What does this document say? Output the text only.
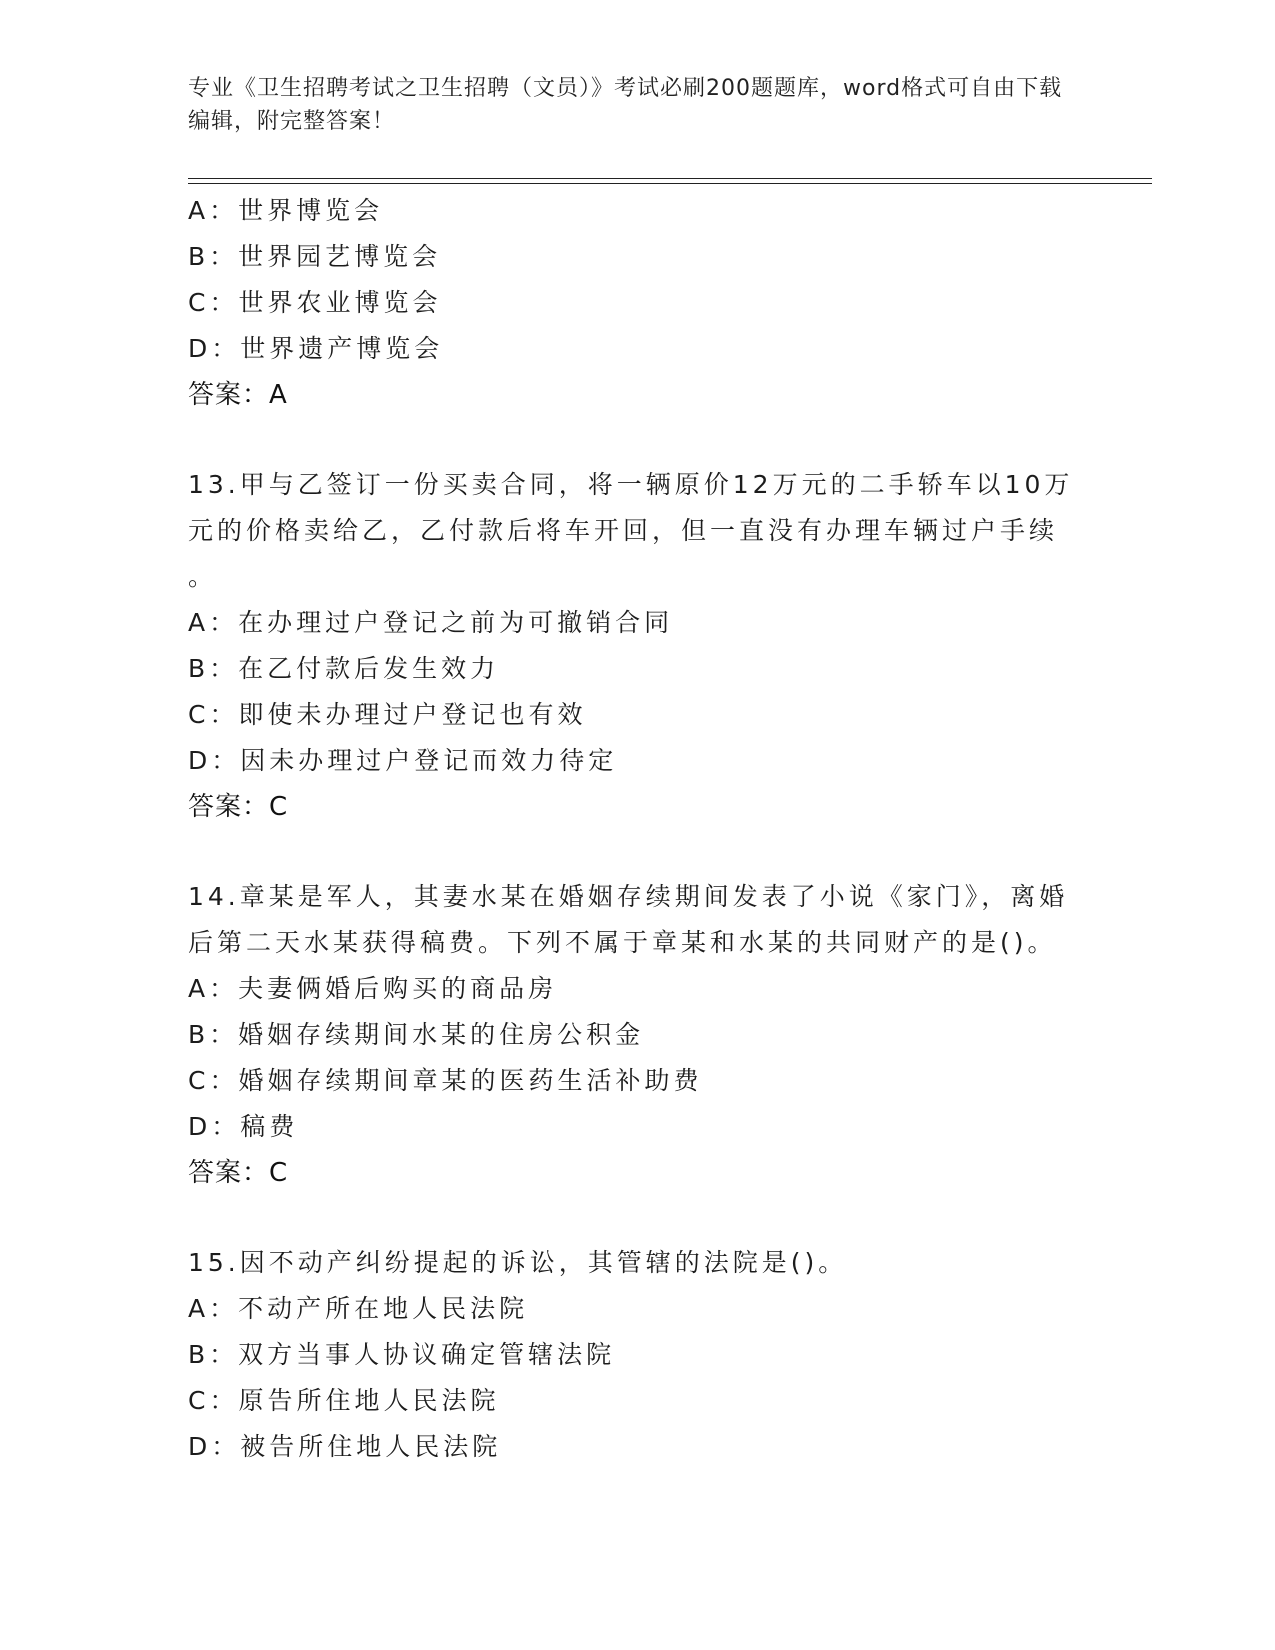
专业《卫生招聘考试之卫生招聘（文员）》考试必刷200题题库，word格式可自由下载编辑，附完整答案！
A：世界博览会
B：世界园艺博览会
C：世界农业博览会
D：世界遗产博览会
答案：A
13.甲与乙签订一份买卖合同，将一辆原价12万元的二手轿车以10万
元的价格卖给乙，乙付款后将车开回，但一直没有办理车辆过户手续
。
A：在办理过户登记之前为可撤销合同
B：在乙付款后发生效力
C：即使未办理过户登记也有效
D：因未办理过户登记而效力待定
答案：C
14.章某是军人，其妻水某在婚姻存续期间发表了小说《家门》，离婚
后第二天水某获得稿费。下列不属于章某和水某的共同财产的是()。
A：夫妻俩婚后购买的商品房
B：婚姻存续期间水某的住房公积金
C：婚姻存续期间章某的医药生活补助费
D：稿费
答案：C
15.因不动产纠纷提起的诉讼，其管辖的法院是()。
A：不动产所在地人民法院
B：双方当事人协议确定管辖法院
C：原告所住地人民法院
D：被告所住地人民法院
